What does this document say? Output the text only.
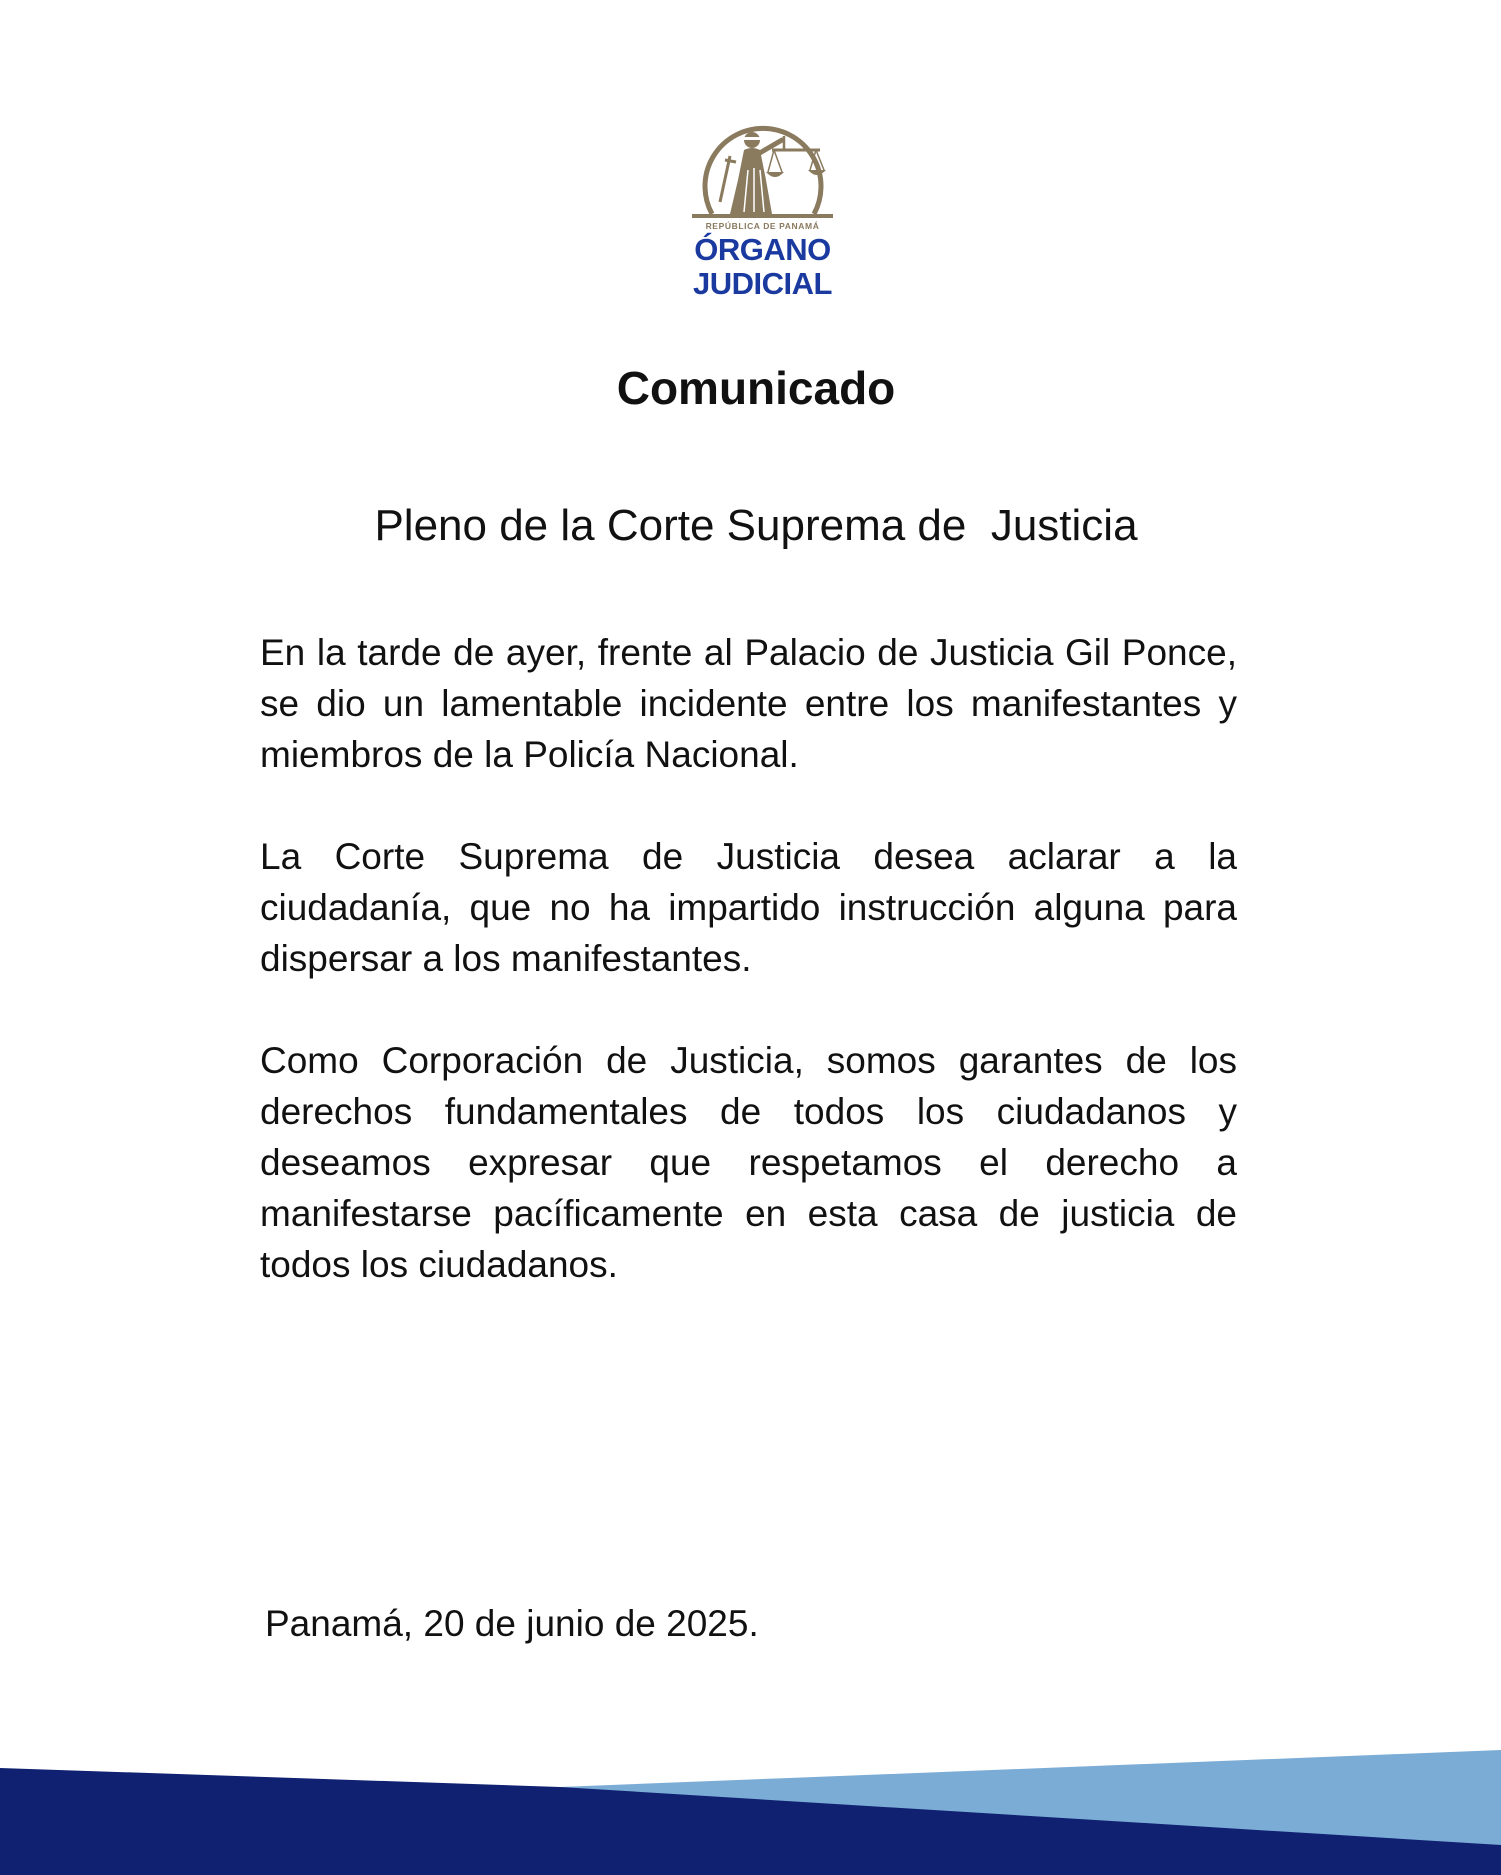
REPÚBLICA DE PANAMÁ
ÓRGANO
JUDICIAL
Comunicado
Pleno de la Corte Suprema de  Justicia

En la tarde de ayer, frente al Palacio de Justicia Gil Ponce, se dio un lamentable incidente entre los manifestantes y miembros de la Policía Nacional.

La Corte Suprema de Justicia desea aclarar a la ciudadanía, que no ha impartido instrucción alguna para dispersar a los manifestantes.

Como Corporación de Justicia, somos garantes de los derechos fundamentales de todos los ciudadanos y deseamos expresar que respetamos el derecho a manifestarse pacíficamente en esta casa de justicia de todos los ciudadanos.

Panamá, 20 de junio de 2025.
